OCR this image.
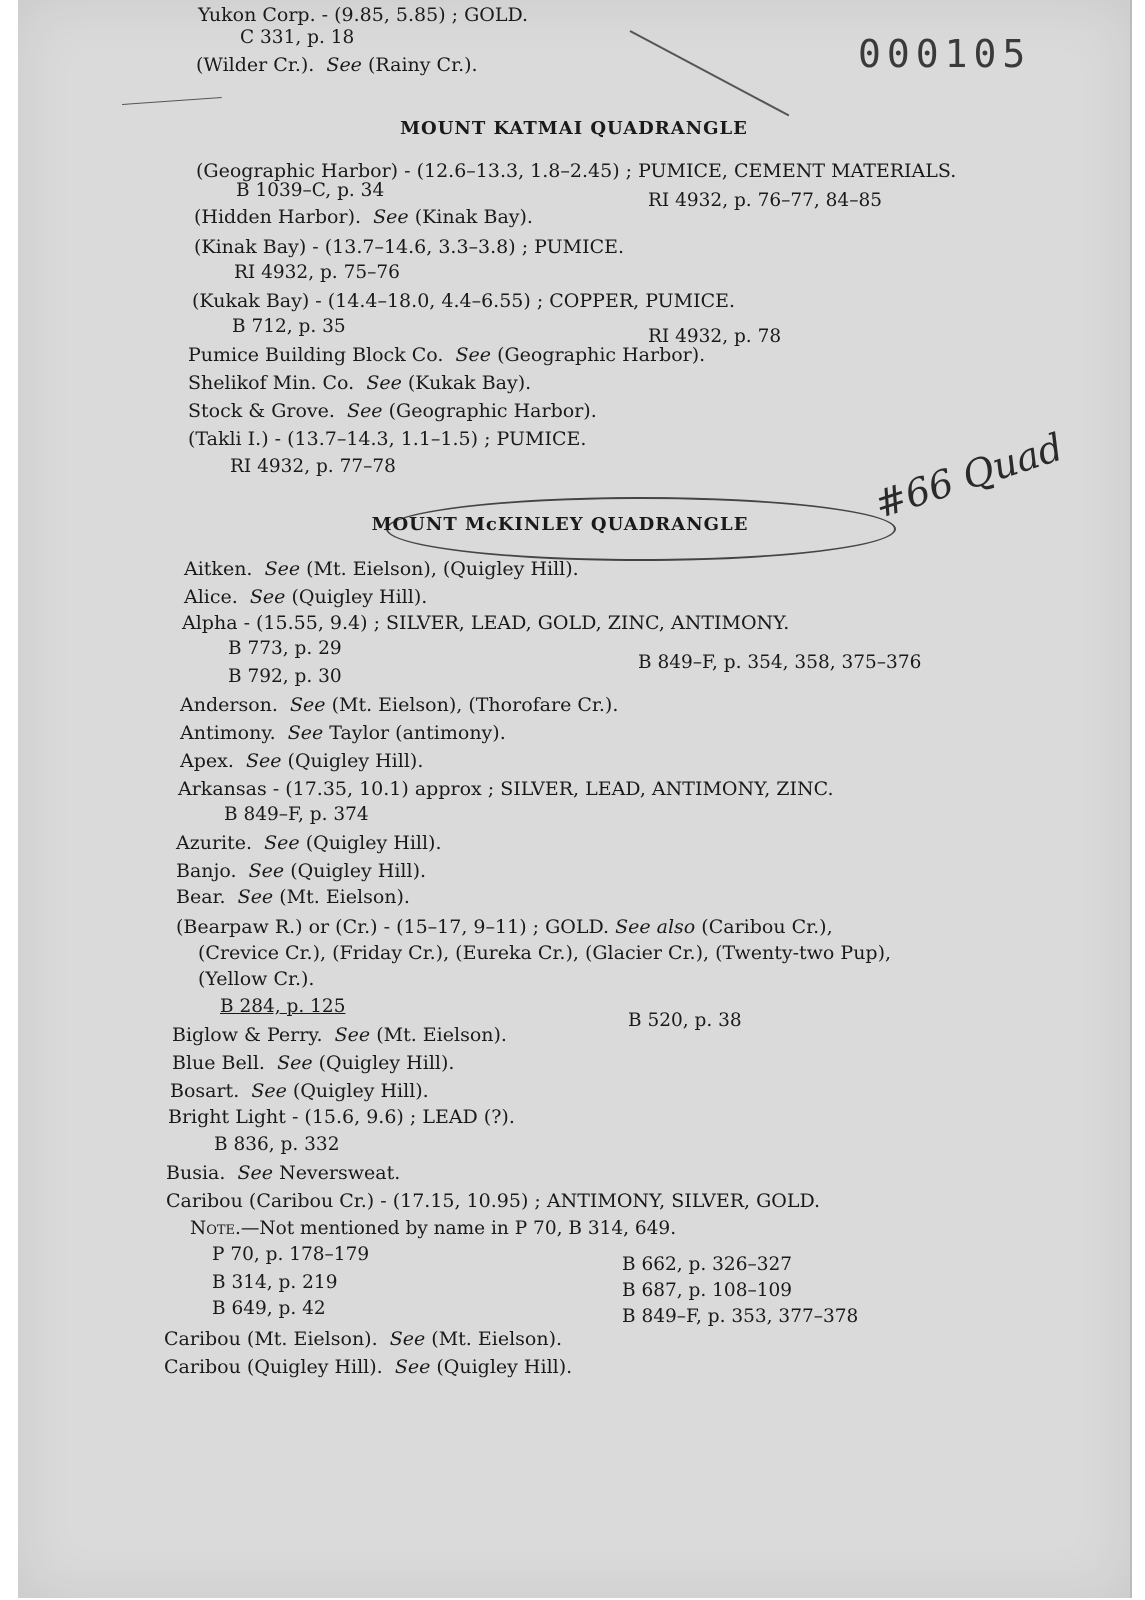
000105
Yukon Corp. - (9.85, 5.85) ; GOLD.
C 331, p. 18
(Wilder Cr.). See (Rainy Cr.).
MOUNT KATMAI QUADRANGLE
(Geographic Harbor) - (12.6–13.3, 1.8–2.45) ; PUMICE, CEMENT MATERIALS.
B 1039–C, p. 34	RI 4932, p. 76–77, 84–85
(Hidden Harbor). See (Kinak Bay).
(Kinak Bay) - (13.7–14.6, 3.3–3.8) ; PUMICE.
RI 4932, p. 75–76
(Kukak Bay) - (14.4–18.0, 4.4–6.55) ; COPPER, PUMICE.
B 712, p. 35	RI 4932, p. 78
Pumice Building Block Co. See (Geographic Harbor).
Shelikof Min. Co. See (Kukak Bay).
Stock & Grove. See (Geographic Harbor).
(Takli I.) - (13.7–14.3, 1.1–1.5) ; PUMICE.
RI 4932, p. 77–78
MOUNT McKINLEY QUADRANGLE	#66 Quad
Aitken. See (Mt. Eielson), (Quigley Hill).
Alice. See (Quigley Hill).
Alpha - (15.55, 9.4) ; SILVER, LEAD, GOLD, ZINC, ANTIMONY.
B 773, p. 29
B 849–F, p. 354, 358, 375–376
B 792, p. 30
Anderson. See (Mt. Eielson), (Thorofare Cr.).
Antimony. See Taylor (antimony).
Apex. See (Quigley Hill).
Arkansas - (17.35, 10.1) approx ; SILVER, LEAD, ANTIMONY, ZINC.
B 849–F, p. 374
Azurite. See (Quigley Hill).
Banjo. See (Quigley Hill).
Bear. See (Mt. Eielson).
(Bearpaw R.) or (Cr.) - (15–17, 9–11) ; GOLD. See also (Caribou Cr.),
(Crevice Cr.), (Friday Cr.), (Eureka Cr.), (Glacier Cr.), (Twenty-two Pup),
(Yellow Cr.).
B 284, p. 125
B 520, p. 38
Biglow & Perry. See (Mt. Eielson).
Blue Bell. See (Quigley Hill).
Bosart. See (Quigley Hill).
Bright Light - (15.6, 9.6) ; LEAD (?).
B 836, p. 332
Busia. See Neversweat.
Caribou (Caribou Cr.) - (17.15, 10.95) ; ANTIMONY, SILVER, GOLD.
Note.—Not mentioned by name in P 70, B 314, 649.
P 70, p. 178–179	B 662, p. 326–327
B 314, p. 219	B 687, p. 108–109
B 649, p. 42	B 849–F, p. 353, 377–378
Caribou (Mt. Eielson). See (Mt. Eielson).
Caribou (Quigley Hill). See (Quigley Hill).
